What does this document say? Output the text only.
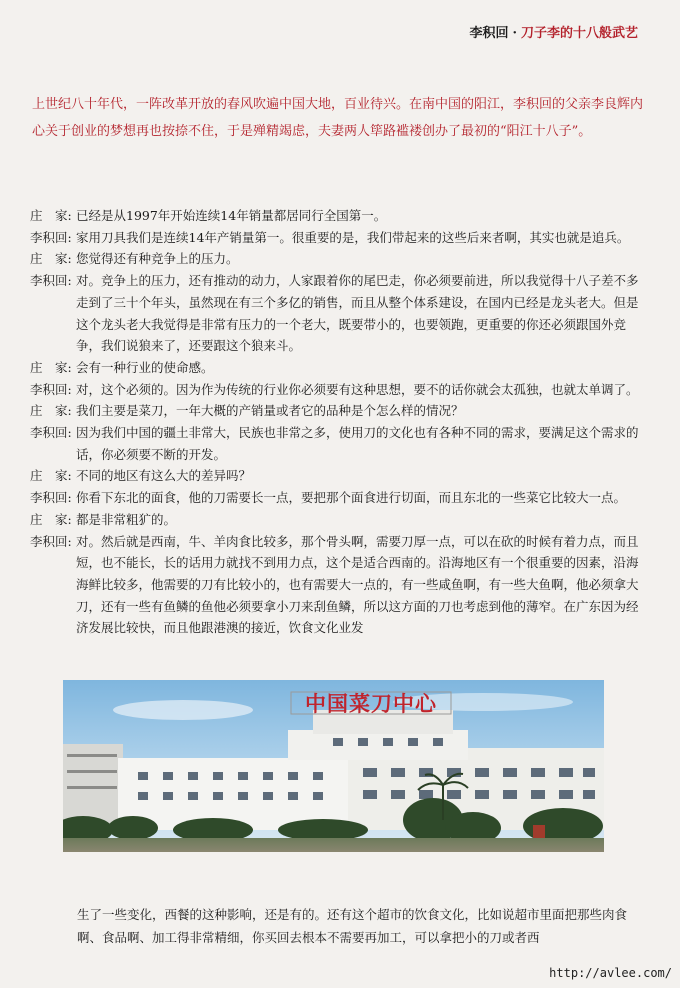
李积回 · 刀子李的十八般武艺
上世纪八十年代，一阵改革开放的春风吹遍中国大地，百业待兴。在南中国的阳江，李积回的父亲李良辉内心关于创业的梦想再也按捺不住，于是殚精竭虑，夫妻两人筚路褴褛创办了最初的“阳江十八子”。
庄　家: 已经是从1997年开始连续14年销量都居同行全国第一。
李积回: 家用刀具我们是连续14年产销量第一。很重要的是，我们带起来的这些后来者啊，其实也就是追兵。
庄　家: 您觉得还有种竞争上的压力。
李积回: 对。竞争上的压力，还有推动的动力，人家跟着你的尾巴走，你必须要前进，所以我觉得十八子差不多走到了三十个年头，虽然现在有三个多亿的销售，而且从整个体系建设，在国内已经是龙头老大。但是这个龙头老大我觉得是非常有压力的一个老大，既要带小的，也要领跑，更重要的你还必须跟国外竞争，我们说狼来了，还要跟这个狼来斗。
庄　家: 会有一种行业的使命感。
李积回: 对，这个必须的。因为作为传统的行业你必须要有这种思想，要不的话你就会太孤独，也就太单调了。
庄　家: 我们主要是菜刀，一年大概的产销量或者它的品种是个怎么样的情况？
李积回: 因为我们中国的疆土非常大，民族也非常之多，使用刀的文化也有各种不同的需求，要满足这个需求的话，你必须要不断的开发。
庄　家: 不同的地区有这么大的差异吗？
李积回: 你看下东北的面食，他的刀需要长一点，要把那个面食进行切面，而且东北的一些菜它比较大一点。
庄　家: 都是非常粗犷的。
李积回: 对。然后就是西南，牛、羊肉食比较多，那个骨头啊，需要刀厚一点，可以在砍的时候有着力点，而且短，也不能长，长的话用力就找不到用力点，这个是适合西南的。沿海地区有一个很重要的因素，沿海海鲜比较多，他需要的刀有比较小的，也有需要大一点的，有一些咸鱼啊，有一些大鱼啊，他必须拿大刀，还有一些有鱼鳞的鱼他必须要拿小刀来刮鱼鳞，所以这方面的刀也考虑到他的薄窄。在广东因为经济发展比较快，而且他跟港澳的接近，饮食文化业发
中国菜刀中心
生了一些变化，西餐的这种影响，还是有的。还有这个超市的饮食文化，比如说超市里面把那些肉食啊、食品啊、加工得非常精细，你买回去根本不需要再加工，可以拿把小的刀或者西
http://avlee.com/
